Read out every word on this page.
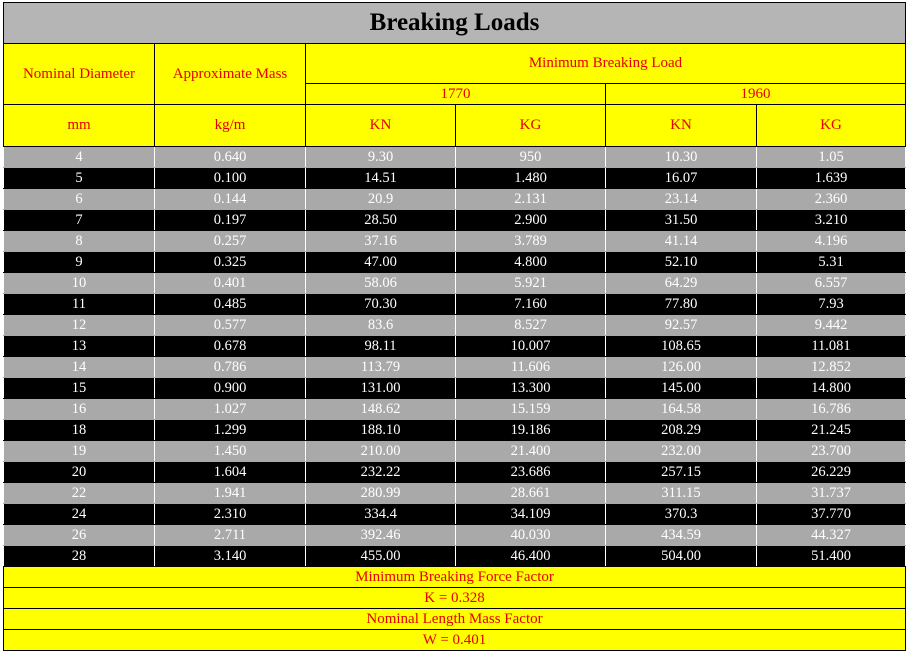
Breaking Loads					
Nominal Diameter	Approximate Mass	Minimum Breaking Load			
		1770		1960	
mm	kg/m	KN	KG	KN	KG
4	0.640	9.30	950	10.30	1.05
5	0.100	14.51	1.480	16.07	1.639
6	0.144	20.9	2.131	23.14	2.360
7	0.197	28.50	2.900	31.50	3.210
8	0.257	37.16	3.789	41.14	4.196
9	0.325	47.00	4.800	52.10	5.31
10	0.401	58.06	5.921	64.29	6.557
11	0.485	70.30	7.160	77.80	7.93
12	0.577	83.6	8.527	92.57	9.442
13	0.678	98.11	10.007	108.65	11.081
14	0.786	113.79	11.606	126.00	12.852
15	0.900	131.00	13.300	145.00	14.800
16	1.027	148.62	15.159	164.58	16.786
18	1.299	188.10	19.186	208.29	21.245
19	1.450	210.00	21.400	232.00	23.700
20	1.604	232.22	23.686	257.15	26.229
22	1.941	280.99	28.661	311.15	31.737
24	2.310	334.4	34.109	370.3	37.770
26	2.711	392.46	40.030	434.59	44.327
28	3.140	455.00	46.400	504.00	51.400
Minimum Breaking Force Factor					
K = 0.328					
Nominal Length Mass Factor					
W = 0.401					
